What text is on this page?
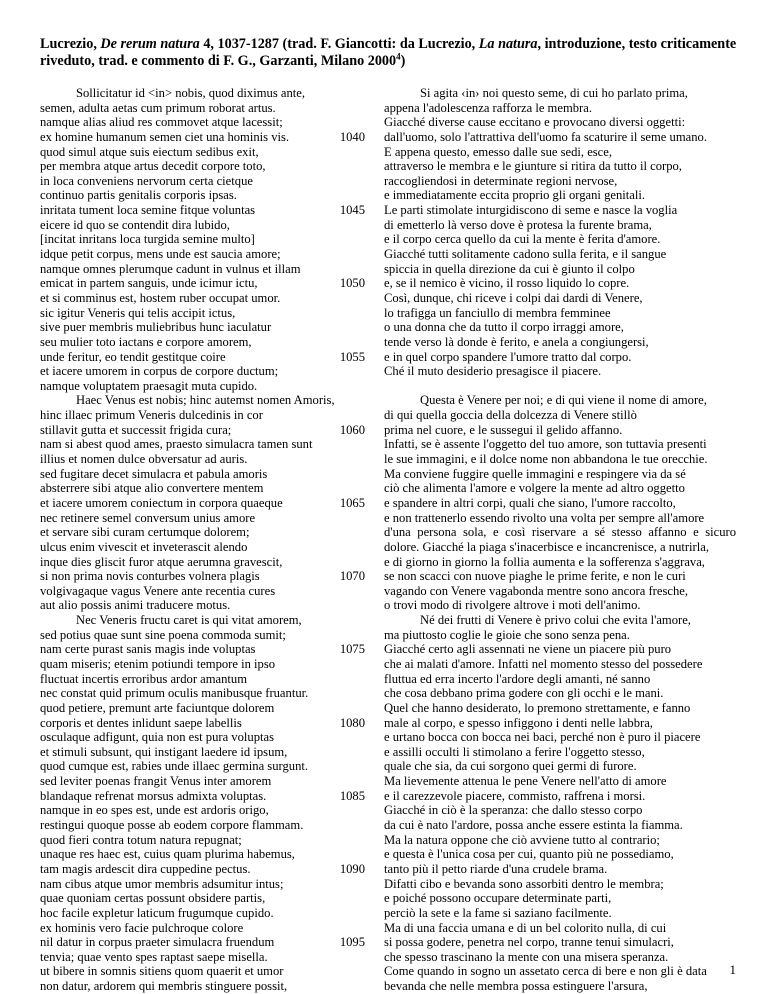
Lucrezio, De rerum natura 4, 1037-1287 (trad. F. Giancotti: da Lucrezio, La natura, introduzione, testo criticamente riveduto, trad. e commento di F. G., Garzanti, Milano 2000$^4$)
Sollicitatur id <in> nobis, quod diximus ante,
semen, adulta aetas cum primum roborat artus.
namque alias aliud res commovet atque lacessit;
ex homine humanum semen ciet una hominis vis.	1040
quod simul atque suis eiectum sedibus exit,
per membra atque artus decedit corpore toto,
in loca conveniens nervorum certa cietque
continuo partis genitalis corporis ipsas.
inritata tument loca semine fitque voluntas	1045
eicere id quo se contendit dira lubido,
[incitat inritans loca turgida semine multo]
idque petit corpus, mens unde est saucia amore;
namque omnes plerumque cadunt in vulnus et illam
emicat in partem sanguis, unde icimur ictu,	1050
et si comminus est, hostem ruber occupat umor.
sic igitur Veneris qui telis accipit ictus,
sive puer membris muliebribus hunc iaculatur
seu mulier toto iactans e corpore amorem,
unde feritur, eo tendit gestitque coire	1055
et iacere umorem in corpus de corpore ductum;
namque voluptatem praesagit muta cupido.
Haec Venus est nobis; hinc autemst nomen Amoris,
hinc illaec primum Veneris dulcedinis in cor
stillavit gutta et successit frigida cura;	1060
nam si abest quod ames, praesto simulacra tamen sunt
illius et nomen dulce obversatur ad auris.
sed fugitare decet simulacra et pabula amoris
absterrere sibi atque alio convertere mentem
et iacere umorem coniectum in corpora quaeque	1065
nec retinere semel conversum unius amore
et servare sibi curam certumque dolorem;
ulcus enim vivescit et inveterascit alendo
inque dies gliscit furor atque aerumna gravescit,
si non prima novis conturbes volnera plagis	1070
volgivagaque vagus Venere ante recentia cures
aut alio possis animi traducere motus.
Nec Veneris fructu caret is qui vitat amorem,
sed potius quae sunt sine poena commoda sumit;
nam certe purast sanis magis inde voluptas	1075
quam miseris; etenim potiundi tempore in ipso
fluctuat incertis erroribus ardor amantum
nec constat quid primum oculis manibusque fruantur.
quod petiere, premunt arte faciuntque dolorem
corporis et dentes inlidunt saepe labellis	1080
osculaque adfigunt, quia non est pura voluptas
et stimuli subsunt, qui instigant laedere id ipsum,
quod cumque est, rabies unde illaec germina surgunt.
sed leviter poenas frangit Venus inter amorem
blandaque refrenat morsus admixta voluptas.	1085
namque in eo spes est, unde est ardoris origo,
restingui quoque posse ab eodem corpore flammam.
quod fieri contra totum natura repugnat;
unaque res haec est, cuius quam plurima habemus,
tam magis ardescit dira cuppedine pectus.	1090
nam cibus atque umor membris adsumitur intus;
quae quoniam certas possunt obsidere partis,
hoc facile expletur laticum frugumque cupido.
ex hominis vero facie pulchroque colore
nil datur in corpus praeter simulacra fruendum	1095
tenvia; quae vento spes raptast saepe misella.
ut bibere in somnis sitiens quom quaerit et umor
non datur, ardorem qui membris stinguere possit,
Si agita ‹in› noi questo seme, di cui ho parlato prima,
appena l'adolescenza rafforza le membra.
Giacché diverse cause eccitano e provocano diversi oggetti:
dall'uomo, solo l'attrattiva dell'uomo fa scaturire il seme umano.
E appena questo, emesso dalle sue sedi, esce,
attraverso le membra e le giunture si ritira da tutto il corpo,
raccogliendosi in determinate regioni nervose,
e immediatamente eccita proprio gli organi genitali.
Le parti stimolate inturgidiscono di seme e nasce la voglia
di emetterlo là verso dove è protesa la furente brama,
e il corpo cerca quello da cui la mente è ferita d'amore.
Giacché tutti solitamente cadono sulla ferita, e il sangue
spiccia in quella direzione da cui è giunto il colpo
e, se il nemico è vicino, il rosso liquido lo copre.
Così, dunque, chi riceve i colpi dai dardi di Venere,
lo trafigga un fanciullo di membra femminee
o una donna che da tutto il corpo irraggi amore,
tende verso là donde è ferito, e anela a congiungersi,
e in quel corpo spandere l'umore tratto dal corpo.
Ché il muto desiderio presagisce il piacere.
Questa è Venere per noi; e di qui viene il nome di amore,
di qui quella goccia della dolcezza di Venere stillò
prima nel cuore, e le sussegui il gelido affanno.
Infatti, se è assente l'oggetto del tuo amore, son tuttavia presenti
le sue immagini, e il dolce nome non abbandona le tue orecchie.
Ma conviene fuggire quelle immagini e respingere via da sé
ciò che alimenta l'amore e volgere la mente ad altro oggetto
e spandere in altri corpi, quali che siano, l'umore raccolto,
e non trattenerlo essendo rivolto una volta per sempre all'amore
d'una persona sola, e così riservare a sé stesso affanno e sicuro
dolore. Giacché la piaga s'inacerbisce e incancrenisce, a nutrirla,
e di giorno in giorno la follia aumenta e la sofferenza s'aggrava,
se non scacci con nuove piaghe le prime ferite, e non le curi
vagando con Venere vagabonda mentre sono ancora fresche,
o trovi modo di rivolgere altrove i moti dell'animo.
Né dei frutti di Venere è privo colui che evita l'amore,
ma piuttosto coglie le gioie che sono senza pena.
Giacché certo agli assennati ne viene un piacere più puro
che ai malati d'amore. Infatti nel momento stesso del possedere
fluttua ed erra incerto l'ardore degli amanti, né sanno
che cosa debbano prima godere con gli occhi e le mani.
Quel che hanno desiderato, lo premono strettamente, e fanno
male al corpo, e spesso infiggono i denti nelle labbra,
e urtano bocca con bocca nei baci, perché non è puro il piacere
e assilli occulti li stimolano a ferire l'oggetto stesso,
quale che sia, da cui sorgono quei germi di furore.
Ma lievemente attenua le pene Venere nell'atto di amore
e il carezzevole piacere, commisto, raffrena i morsi.
Giacché in ciò è la speranza: che dallo stesso corpo
da cui è nato l'ardore, possa anche essere estinta la fiamma.
Ma la natura oppone che ciò avviene tutto al contrario;
e questa è l'unica cosa per cui, quanto più ne possediamo,
tanto più il petto riarde d'una crudele brama.
Difatti cibo e bevanda sono assorbiti dentro le membra;
e poiché possono occupare determinate parti,
perciò la sete e la fame si saziano facilmente.
Ma di una faccia umana e di un bel colorito nulla, di cui
si possa godere, penetra nel corpo, tranne tenui simulacri,
che spesso trascinano la mente con una misera speranza.
Come quando in sogno un assetato cerca di bere e non gli è data
bevanda che nelle membra possa estinguere l'arsura,
1
